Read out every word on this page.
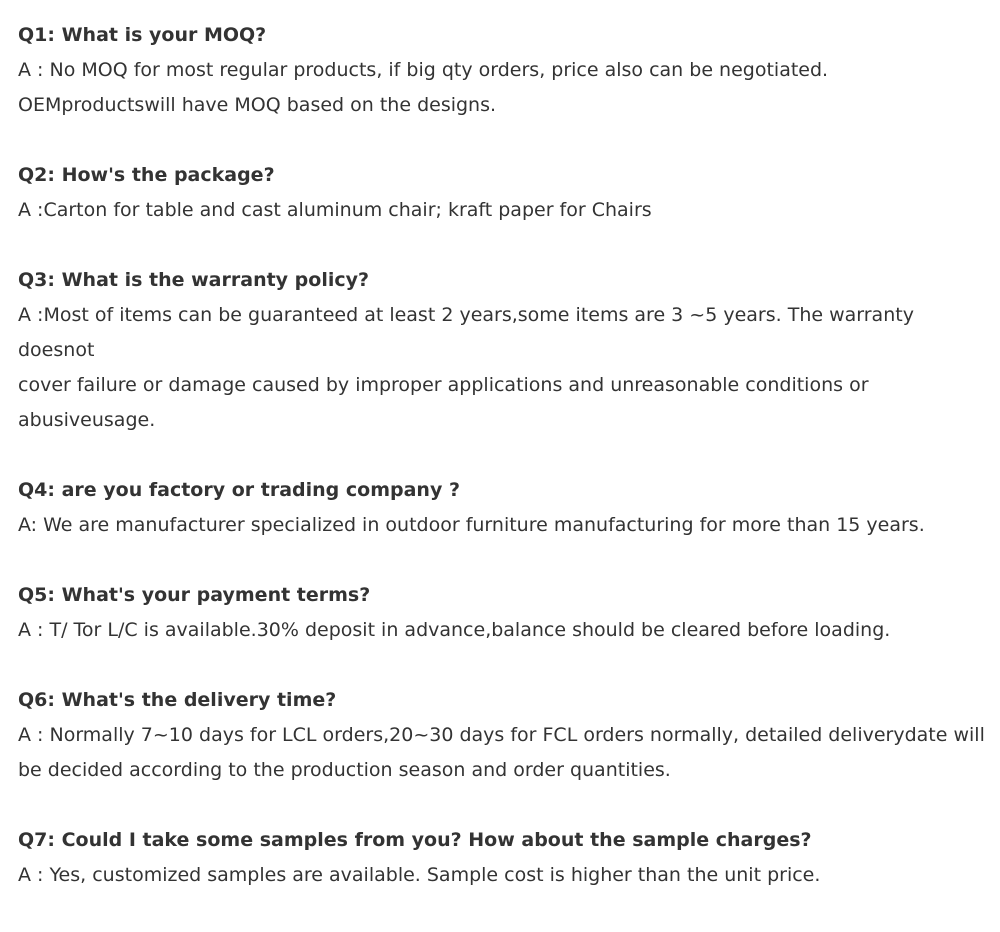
Q1: What is your MOQ?

A : No MOQ for most regular products, if big qty orders, price also can be negotiated.

OEMproductswill have MOQ based on the designs.

Q2: How's the package?

A :Carton for table and cast aluminum chair; kraft paper for Chairs

Q3: What is the warranty policy?

A :Most of items can be guaranteed at least 2 years,some items are 3 ~5 years. The warranty doesnot

cover failure or damage caused by improper applications and unreasonable conditions or

abusiveusage.

Q4: are you factory or trading company ?

A: We are manufacturer specialized in outdoor furniture manufacturing for more than 15 years.

Q5: What's your payment terms?

A : T/ Tor L/C is available.30% deposit in advance,balance should be cleared before loading.

Q6: What's the delivery time?

A : Normally 7~10 days for LCL orders,20~30 days for FCL orders normally, detailed deliverydate will

be decided according to the production season and order quantities.

Q7: Could I take some samples from you? How about the sample charges?

A : Yes, customized samples are available. Sample cost is higher than the unit price.
